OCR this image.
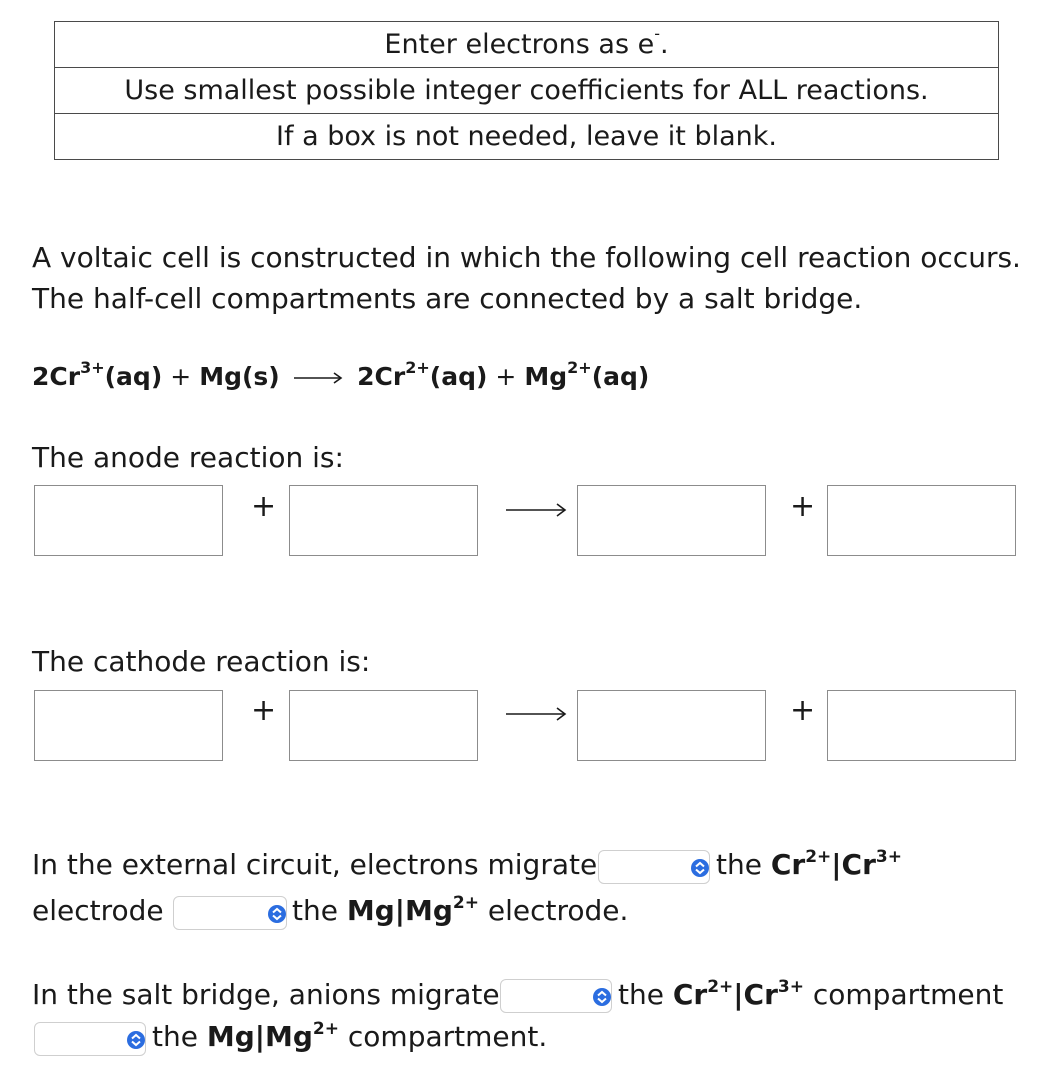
Enter electrons as e-.
Use smallest possible integer coefficients for ALL reactions.
If a box is not needed, leave it blank.
A voltaic cell is constructed in which the following cell reaction occurs.
The half-cell compartments are connected by a salt bridge.
$2Cr^{3+}(aq) + Mg(s)$	$2Cr^{2+}(aq) + Mg^{2+}(aq)$
The anode reaction is:
+	+
The cathode reaction is:
+	+
In the external circuit, electrons migrate	the $Cr^{2+}|Cr^{3+}$
electrode	the $Mg|Mg^{2+}$ electrode.
In the salt bridge, anions migrate	the $Cr^{2+}|Cr^{3+}$ compartment
the $Mg|Mg^{2+}$ compartment.
